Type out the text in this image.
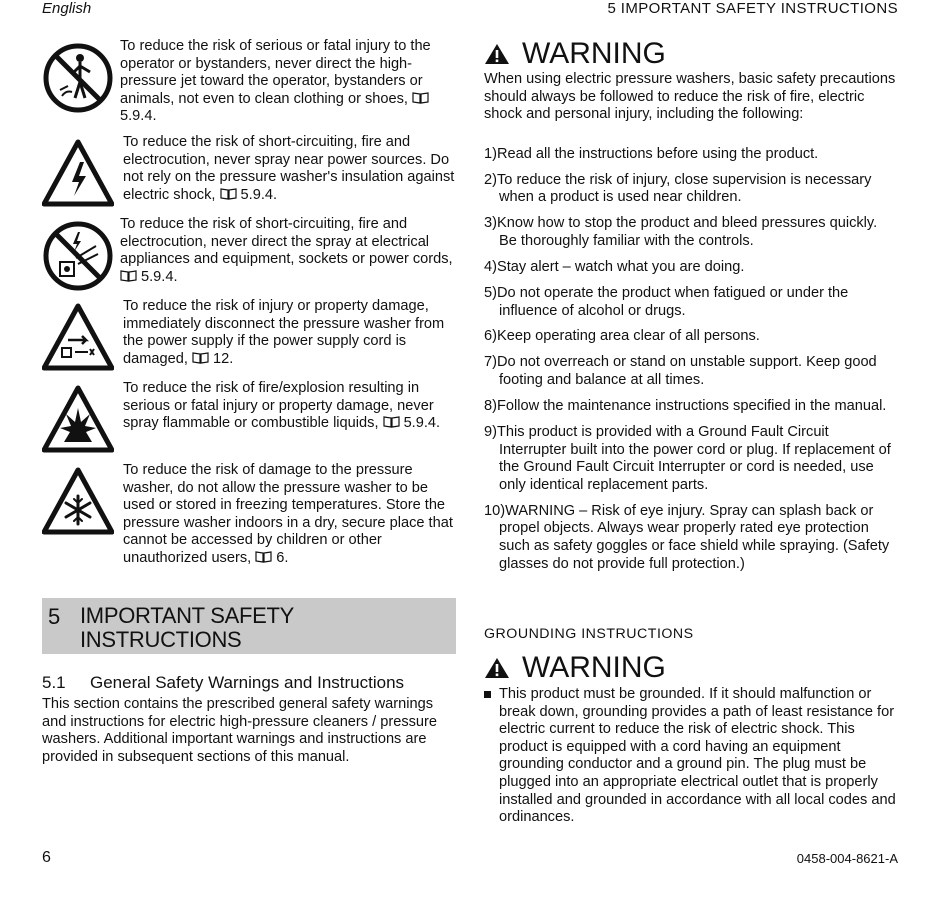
English	5 IMPORTANT SAFETY INSTRUCTIONS
To reduce the risk of serious or fatal injury to the operator or bystanders, never direct the high-pressure jet toward the operator, bystanders or animals, not even to clean clothing or shoes, 5.9.4.
To reduce the risk of short-circuiting, fire and electrocution, never spray near power sources. Do not rely on the pressure washer's insulation against electric shock, 5.9.4.
To reduce the risk of short-circuiting, fire and electrocution, never direct the spray at electrical appliances and equipment, sockets or power cords, 5.9.4.
To reduce the risk of injury or property damage, immediately disconnect the pressure washer from the power supply if the power supply cord is damaged, 12.
To reduce the risk of fire/explosion resulting in serious or fatal injury or property damage, never spray flammable or combustible liquids, 5.9.4.
To reduce the risk of damage to the pressure washer, do not allow the pressure washer to be used or stored in freezing temperatures. Store the pressure washer indoors in a dry, secure place that cannot be accessed by children or other unauthorized users, 6.
5 IMPORTANT SAFETY INSTRUCTIONS
5.1 General Safety Warnings and Instructions
This section contains the prescribed general safety warnings and instructions for electric high-pressure cleaners / pressure washers. Additional important warnings and instructions are provided in subsequent sections of this manual.
WARNING
When using electric pressure washers, basic safety precautions should always be followed to reduce the risk of fire, electric shock and personal injury, including the following:
1)Read all the instructions before using the product.
2)To reduce the risk of injury, close supervision is necessary when a product is used near children.
3)Know how to stop the product and bleed pressures quickly. Be thoroughly familiar with the controls.
4)Stay alert – watch what you are doing.
5)Do not operate the product when fatigued or under the influence of alcohol or drugs.
6)Keep operating area clear of all persons.
7)Do not overreach or stand on unstable support. Keep good footing and balance at all times.
8)Follow the maintenance instructions specified in the manual.
9)This product is provided with a Ground Fault Circuit Interrupter built into the power cord or plug. If replacement of the Ground Fault Circuit Interrupter or cord is needed, use only identical replacement parts.
10)WARNING – Risk of eye injury. Spray can splash back or propel objects. Always wear properly rated eye protection such as safety goggles or face shield while spraying. (Safety glasses do not provide full protection.)
GROUNDING INSTRUCTIONS
WARNING
This product must be grounded. If it should malfunction or break down, grounding provides a path of least resistance for electric current to reduce the risk of electric shock. This product is equipped with a cord having an equipment grounding conductor and a ground pin. The plug must be plugged into an appropriate electrical outlet that is properly installed and grounded in accordance with all local codes and ordinances.
6	0458-004-8621-A
